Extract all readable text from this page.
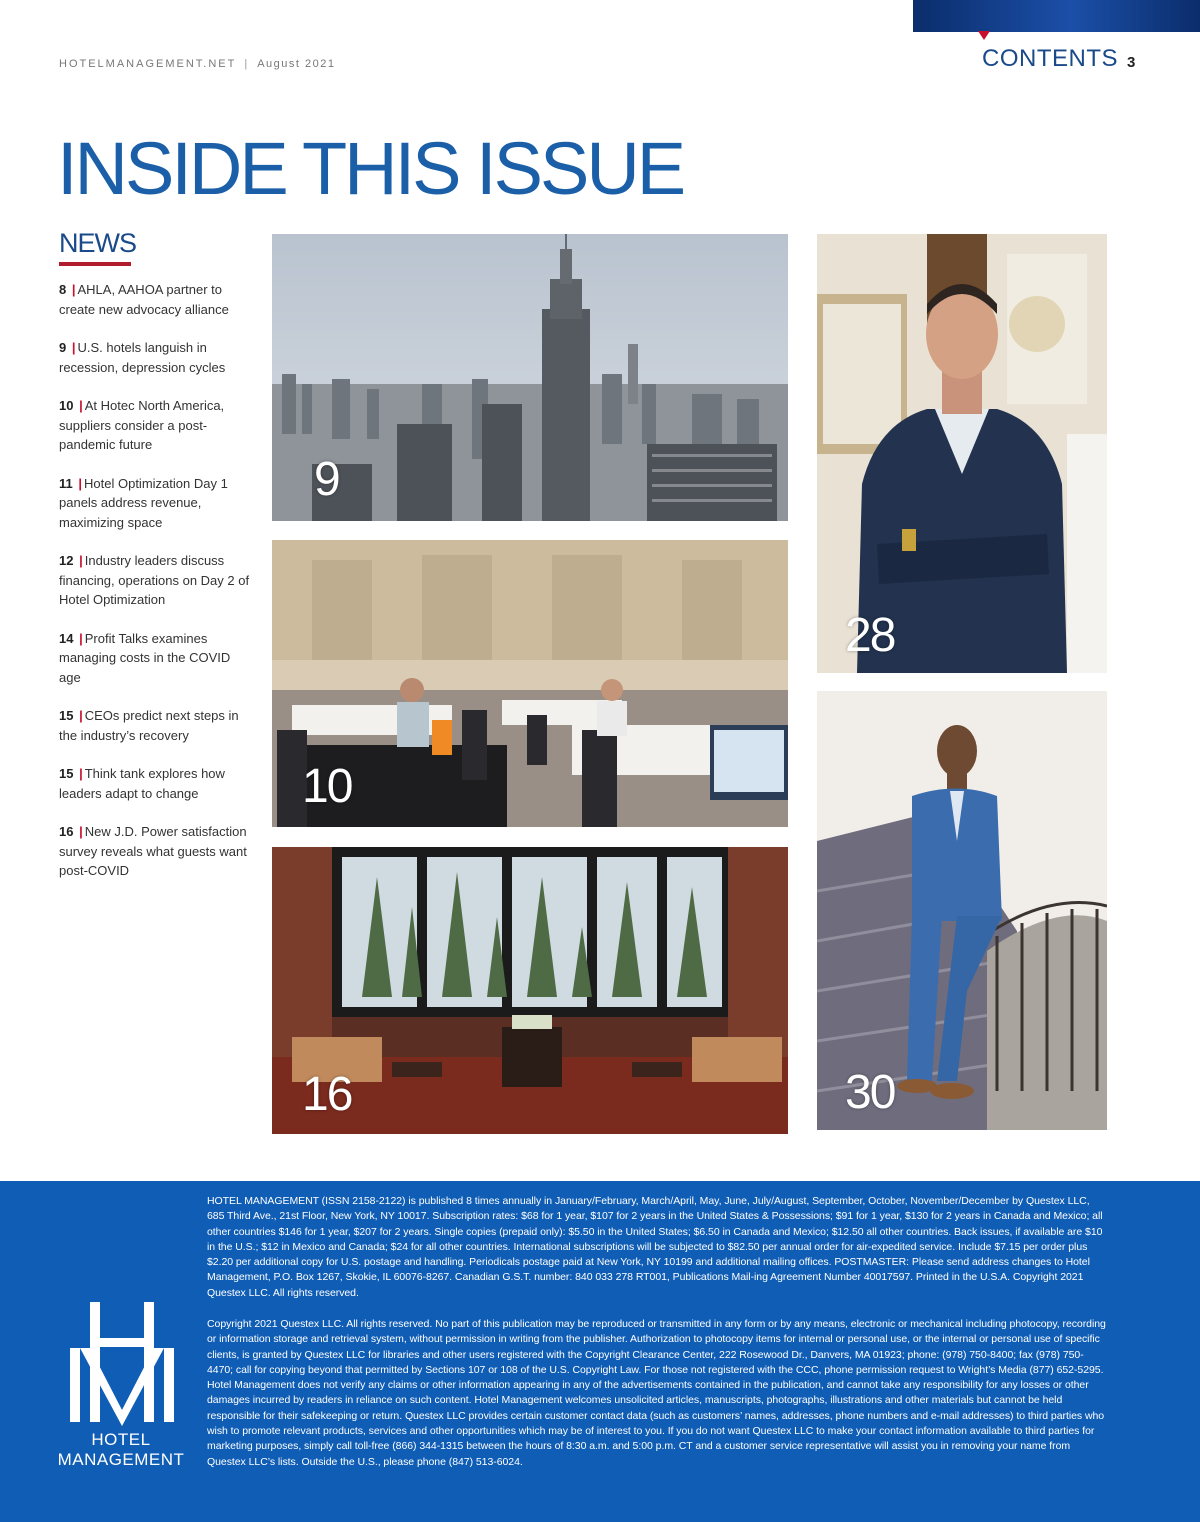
HOTELMANAGEMENT.NET | August 2021	CONTENTS 3
INSIDE THIS ISSUE
NEWS
8 | AHLA, AAHOA partner to create new advocacy alliance
9 | U.S. hotels languish in recession, depression cycles
10 | At Hotec North America, suppliers consider a post-pandemic future
11 | Hotel Optimization Day 1 panels address revenue, maximizing space
12 | Industry leaders discuss financing, operations on Day 2 of Hotel Optimization
14 | Profit Talks examines managing costs in the COVID age
15 | CEOs predict next steps in the industry’s recovery
15 | Think tank explores how leaders adapt to change
16 | New J.D. Power satisfaction survey reveals what guests want post-COVID
9
10
16
28
30
HOTEL
MANAGEMENT
HOTEL MANAGEMENT (ISSN 2158-2122) is published 8 times annually in January/February, March/April, May, June, July/August, September, October, November/December by Questex LLC, 685 Third Ave., 21st Floor, New York, NY 10017. Subscription rates: $68 for 1 year, $107 for 2 years in the United States & Possessions; $91 for 1 year, $130 for 2 years in Canada and Mexico; all other countries $146 for 1 year, $207 for 2 years. Single copies (prepaid only): $5.50 in the United States; $6.50 in Canada and Mexico; $12.50 all other countries. Back issues, if available are $10 in the U.S.; $12 in Mexico and Canada; $24 for all other countries. International subscriptions will be subjected to $82.50 per annual order for air-expedited service. Include $7.15 per order plus $2.20 per additional copy for U.S. postage and handling. Periodicals postage paid at New York, NY 10199 and additional mailing offices. POSTMASTER: Please send address changes to Hotel Management, P.O. Box 1267, Skokie, IL 60076-8267. Canadian G.S.T. number: 840 033 278 RT001, Publications Mail-ing Agreement Number 40017597. Printed in the U.S.A. Copyright 2021 Questex LLC. All rights reserved.
Copyright 2021 Questex LLC. All rights reserved. No part of this publication may be reproduced or transmitted in any form or by any means, electronic or mechanical including photocopy, recording or information storage and retrieval system, without permission in writing from the publisher. Authorization to photocopy items for internal or personal use, or the internal or personal use of specific clients, is granted by Questex LLC for libraries and other users registered with the Copyright Clearance Center, 222 Rosewood Dr., Danvers, MA 01923; phone: (978) 750-8400; fax (978) 750-4470; call for copying beyond that permitted by Sections 107 or 108 of the U.S. Copyright Law. For those not registered with the CCC, phone permission request to Wright’s Media (877) 652-5295. Hotel Management does not verify any claims or other information appearing in any of the advertisements contained in the publication, and cannot take any responsibility for any losses or other damages incurred by readers in reliance on such content. Hotel Management welcomes unsolicited articles, manuscripts, photographs, illustrations and other materials but cannot be held responsible for their safekeeping or return. Questex LLC provides certain customer contact data (such as customers’ names, addresses, phone numbers and e-mail addresses) to third parties who wish to promote relevant products, services and other opportunities which may be of interest to you. If you do not want Questex LLC to make your contact information available to third parties for marketing purposes, simply call toll-free (866) 344-1315 between the hours of 8:30 a.m. and 5:00 p.m. CT and a customer service representative will assist you in removing your name from Questex LLC’s lists. Outside the U.S., please phone (847) 513-6024.
